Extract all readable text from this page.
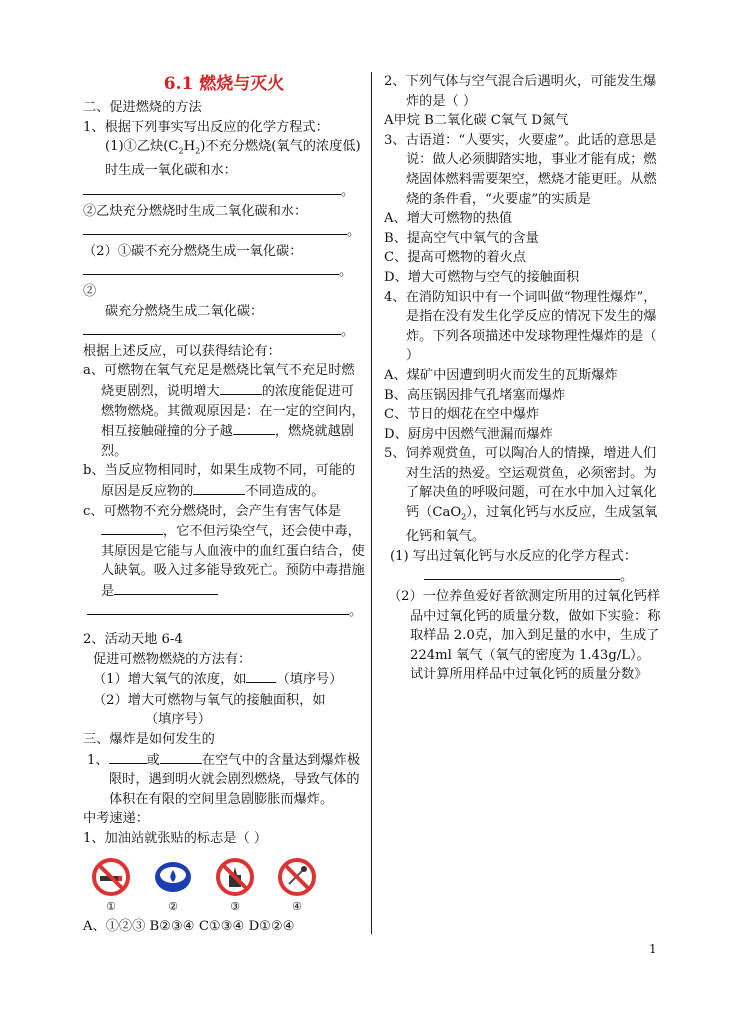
6.1 燃烧与灭火

二、促进燃烧的方法

1、根据下列事实写出反应的化学方程式：

(1)①乙炔$(C_2H_2)$不充分燃烧(氧气的浓度低)时生成一氧化碳和水：

。

②乙炔充分燃烧时生成二氧化碳和水：

。

（2）①碳不充分燃烧生成一氧化碳：

。②

碳充分燃烧生成二氧化碳：

。

根据上述反应，可以获得结论有：

a、可燃物在氧气充足是燃烧比氧气不充足时燃烧更剧烈，说明增大	的浓度能促进可燃物燃烧。其微观原因是：在一定的空间内，相互接触碰撞的分子越	，燃烧就越剧烈。

b、当反应物相同时，如果生成物不同，可能的原因是反应物的	不同造成的。

c、可燃物不充分燃烧时，会产生有害气体是，它不但污染空气，还会使中毒，其原因是它能与人血液中的血红蛋白结合，使人缺氧。吸入过多能导致死亡。预防中毒措施是

。

2、活动天地 6-4

促进可燃物燃烧的方法有：

（1）增大氧气的浓度，如 （填序号）

（2）增大可燃物与氧气的接触面积，如

（填序号）

三、爆炸是如何发生的

1、	或	在空气中的含量达到爆炸极限时，遇到明火就会剧烈燃烧，导致气体的体积在有限的空间里急剧膨胀而爆炸。

中考速递：

1、加油站就张贴的标志是（ ）

①	②	③	④
A、①②③ B②③④ C①③④ D①②④

2、下列气体与空气混合后遇明火，可能发生爆炸的是（ ）

A甲烷 B二氧化碳 C氧气 D氮气

3、古语道：“人要实，火要虚”。此话的意思是说：做人必须脚踏实地，事业才能有成；燃烧固体燃料需要架空，燃烧才能更旺。从燃烧的条件看，“火要虚”的实质是

A、增大可燃物的热值

B、提高空气中氧气的含量

C、提高可燃物的着火点

D、增大可燃物与空气的接触面积

4、在消防知识中有一个词叫做“物理性爆炸”，是指在没有发生化学反应的情况下发生的爆炸。下列各项描述中发球物理性爆炸的是（ ）

A、煤矿中因遭到明火而发生的瓦斯爆炸

B、高压锅因排气孔堵塞而爆炸

C、节日的烟花在空中爆炸

D、厨房中因燃气泄漏而爆炸

5、饲养观赏鱼，可以陶冶人的情操，增进人们对生活的热爱。空运观赏鱼，必须密封。为了解决鱼的呼吸问题，可在水中加入过氧化钙（CaO$_2$），过氧化钙与水反应，生成氢氧化钙和氧气。

(1) 写出过氧化钙与水反应的化学方程式：。

（2）一位养鱼爱好者欲测定所用的过氧化钙样品中过氧化钙的质量分数，做如下实验：称取样品 2.0克，加入到足量的水中，生成了 224ml 氧气（氧气的密度为 1.43g/L）。试计算所用样品中过氧化钙的质量分数》

1
